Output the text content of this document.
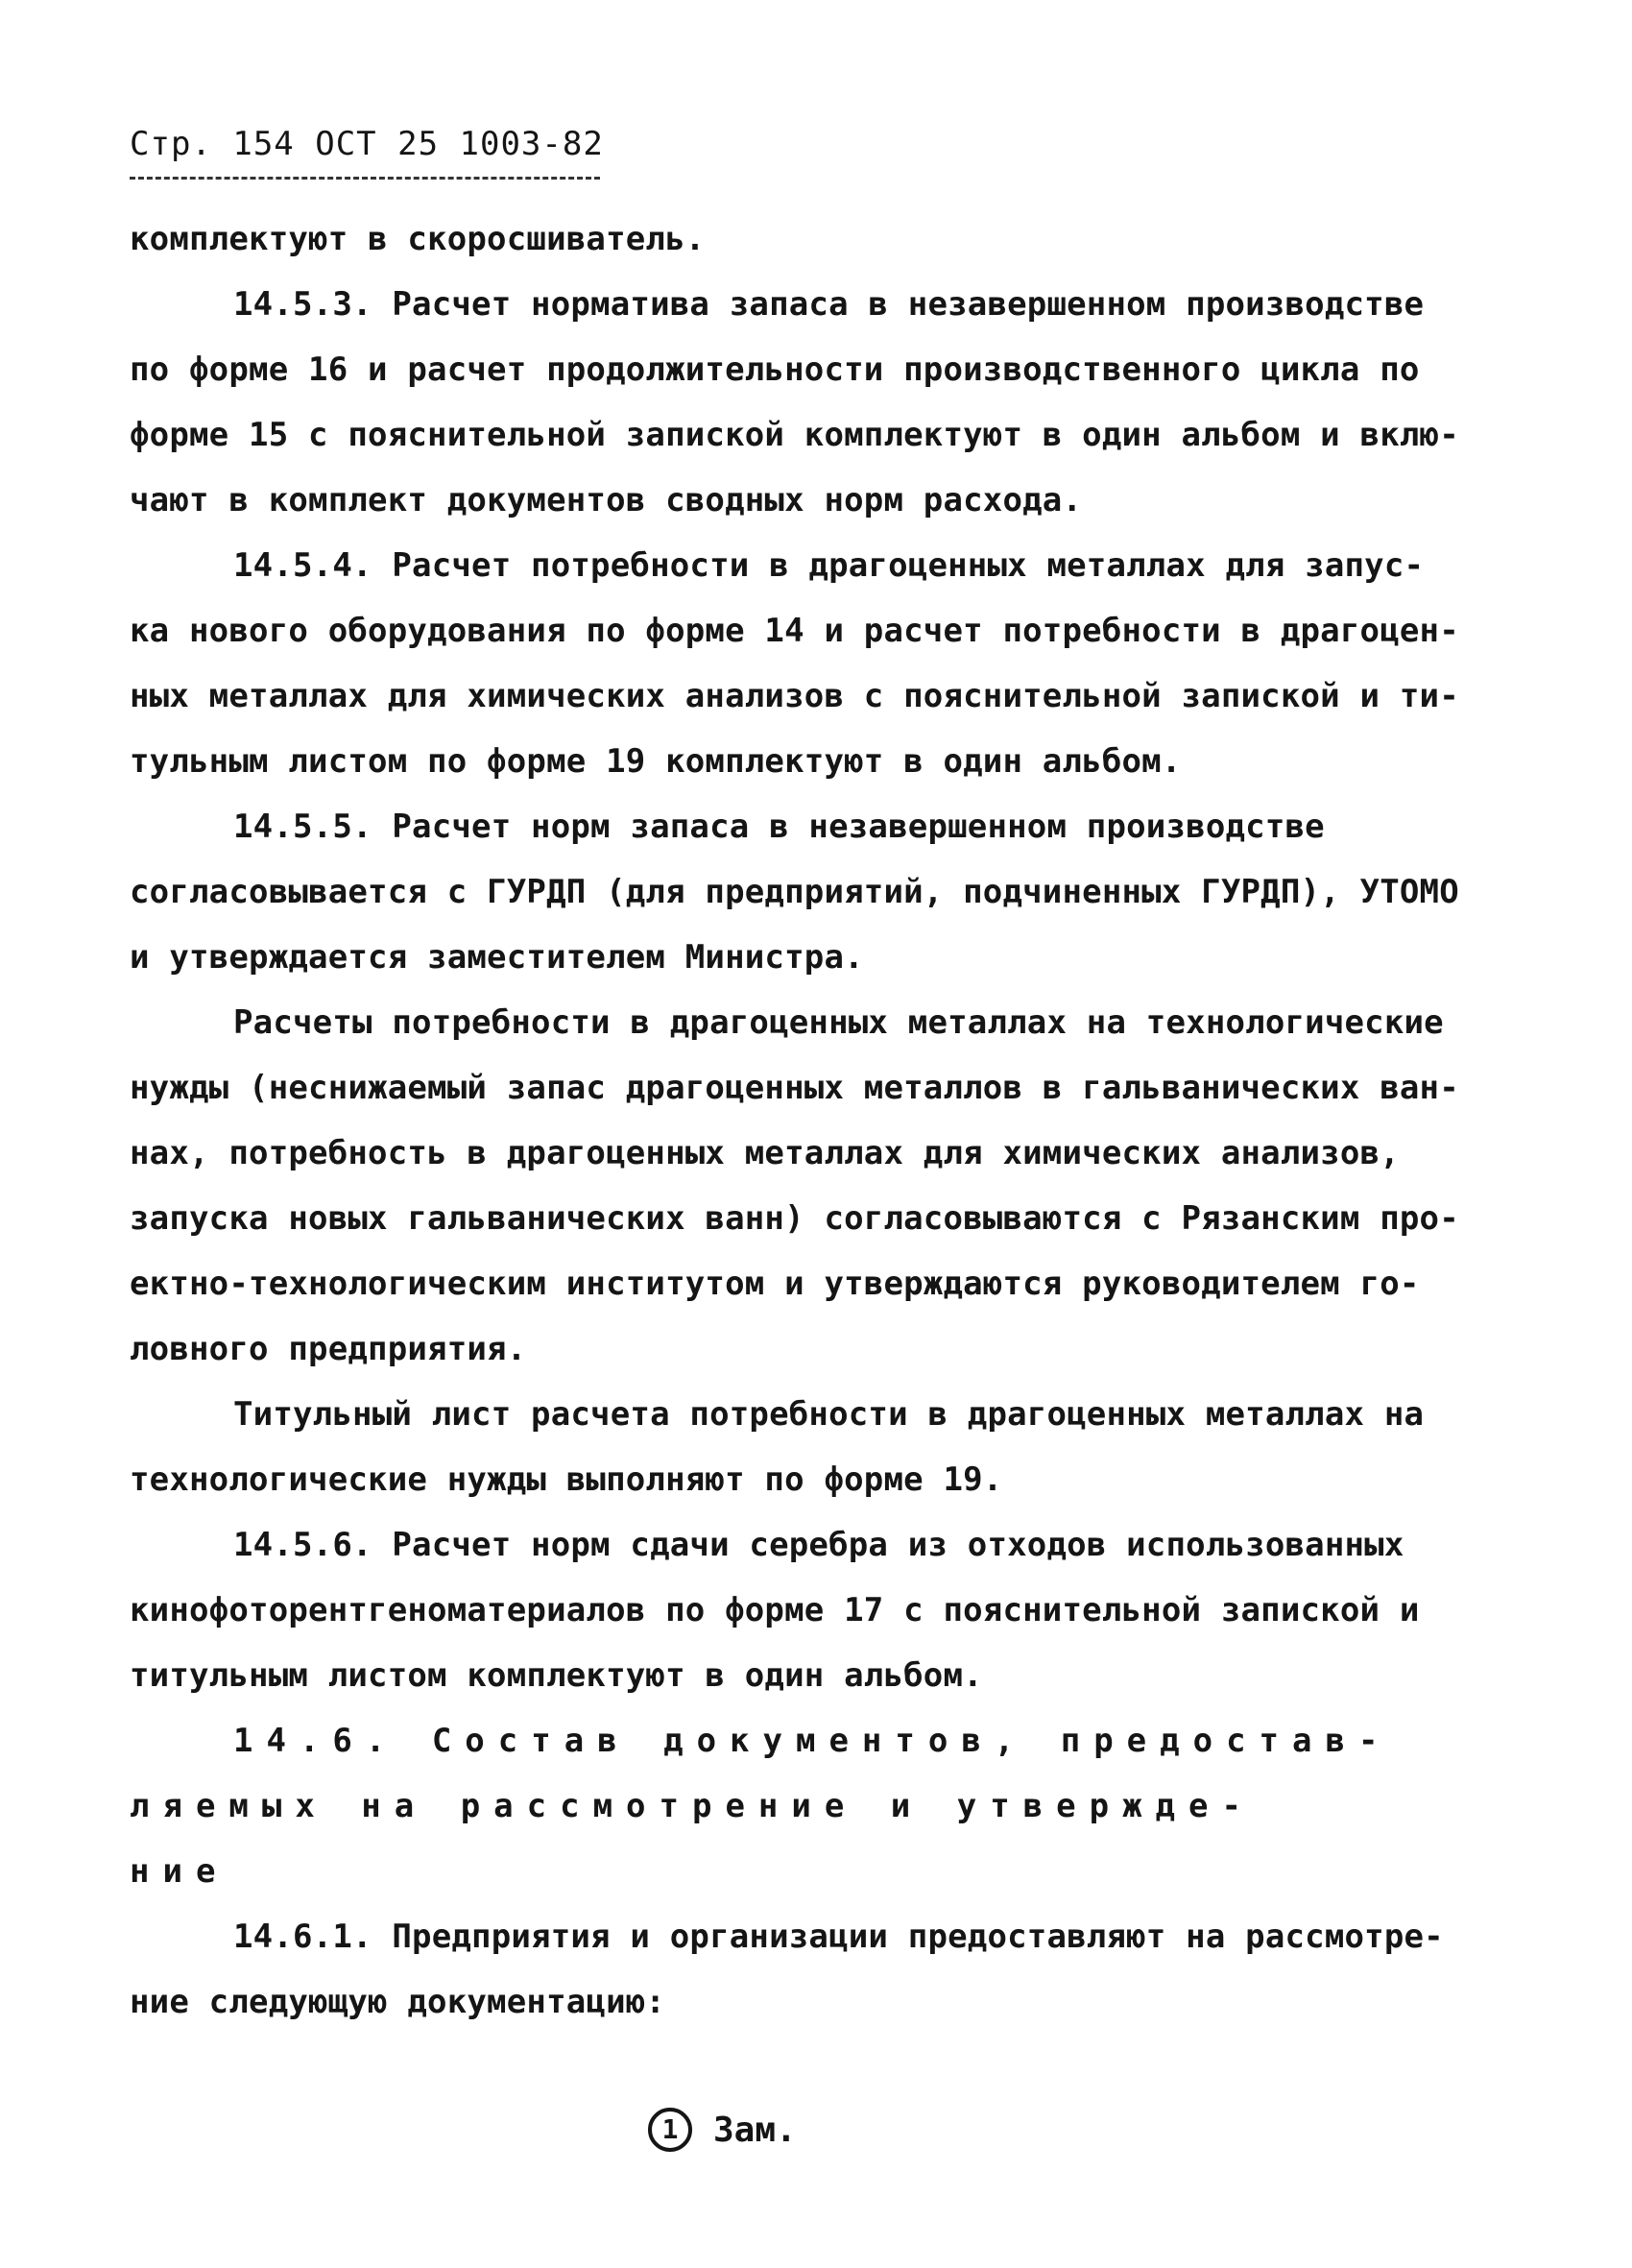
Стр. 154 ОСТ 25 1003-82
комплектуют в скоросшиватель.
14.5.3. Расчет норматива запаса в незавершенном производстве
по форме 16 и расчет продолжительности производственного цикла по
форме 15 с пояснительной запиской комплектуют в один альбом и вклю-
чают в комплект документов сводных норм расхода.
14.5.4. Расчет потребности в драгоценных металлах для запус-
ка нового оборудования по форме 14 и расчет потребности в драгоцен-
ных металлах для химических анализов с пояснительной запиской и ти-
тульным листом по форме 19 комплектуют в один альбом.
14.5.5. Расчет норм запаса в незавершенном производстве
согласовывается с ГУРДП (для предприятий, подчиненных ГУРДП), УТОМО
и утверждается заместителем Министра.
Расчеты потребности в драгоценных металлах на технологические
нужды (неснижаемый запас драгоценных металлов в гальванических ван-
нах, потребность в драгоценных металлах для химических анализов,
запуска новых гальванических ванн) согласовываются с Рязанским про-
ектно-технологическим институтом и утверждаются руководителем го-
ловного предприятия.
Титульный лист расчета потребности в драгоценных металлах на
технологические нужды выполняют по форме 19.
14.5.6. Расчет норм сдачи серебра из отходов использованных
кинофоторентгеноматериалов по форме 17 с пояснительной запиской и
титульным листом комплектуют в один альбом.
14.6. Состав документов, предостав-
ляемых на рассмотрение и утвержде-
ние
14.6.1. Предприятия и организации предоставляют на рассмотре-
ние следующую документацию:
1	Зам.
